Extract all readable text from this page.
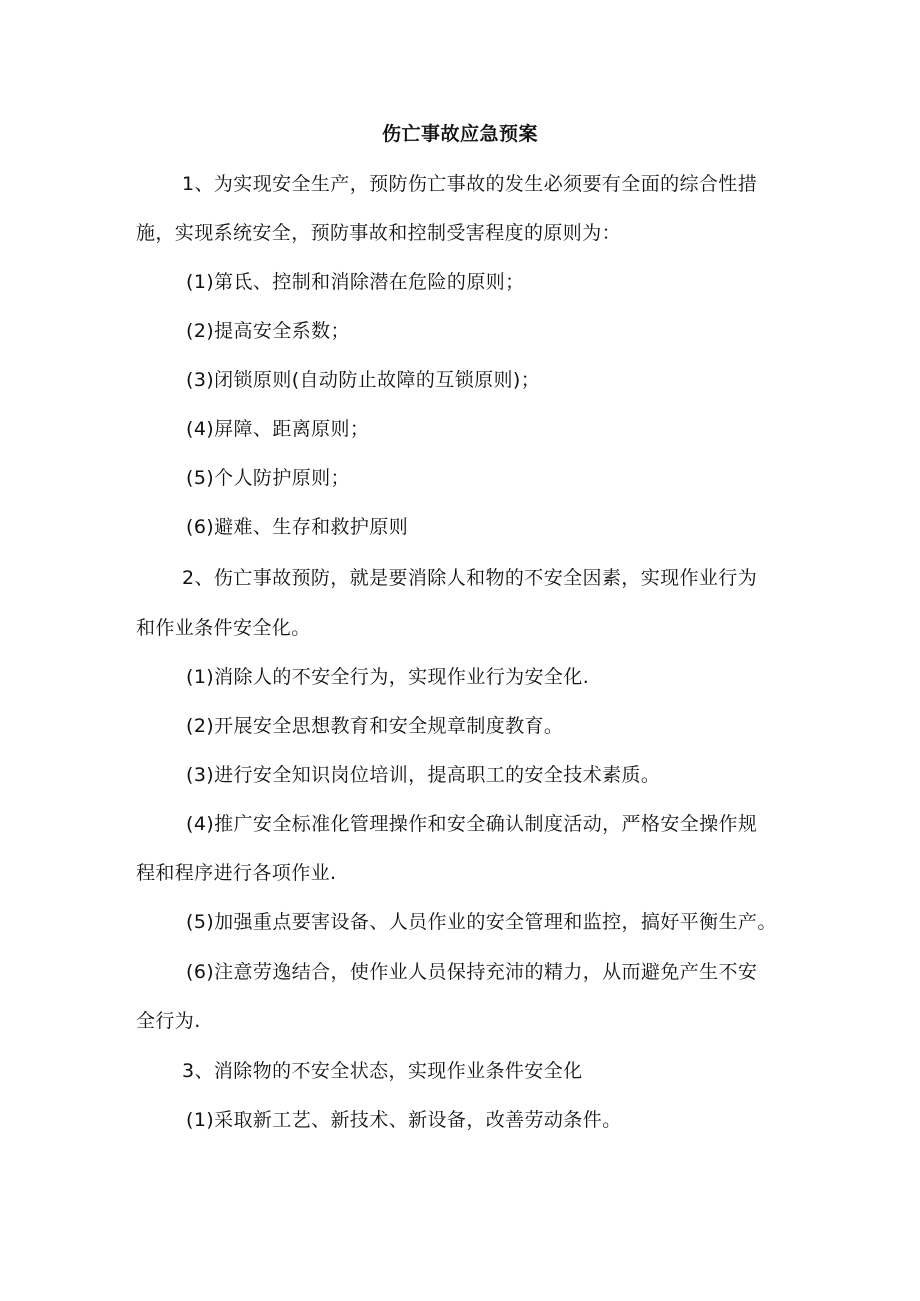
伤亡事故应急预案
1、为实现安全生产，预防伤亡事故的发生必须要有全面的综合性措
施，实现系统安全，预防事故和控制受害程度的原则为：
(1)第氐、控制和消除潜在危险的原则；
(2)提高安全系数；
(3)闭锁原则(自动防止故障的互锁原则)；
(4)屏障、距离原则；
(5)个人防护原则；
(6)避难、生存和救护原则
2、伤亡事故预防，就是要消除人和物的不安全因素，实现作业行为
和作业条件安全化。
(1)消除人的不安全行为，实现作业行为安全化.
(2)开展安全思想教育和安全规章制度教育。
(3)进行安全知识岗位培训，提高职工的安全技术素质。
(4)推广安全标准化管理操作和安全确认制度活动，严格安全操作规
程和程序进行各项作业.
(5)加强重点要害设备、人员作业的安全管理和监控，搞好平衡生产。
(6)注意劳逸结合，使作业人员保持充沛的精力，从而避免产生不安
全行为.
3、消除物的不安全状态，实现作业条件安全化
(1)采取新工艺、新技术、新设备，改善劳动条件。
